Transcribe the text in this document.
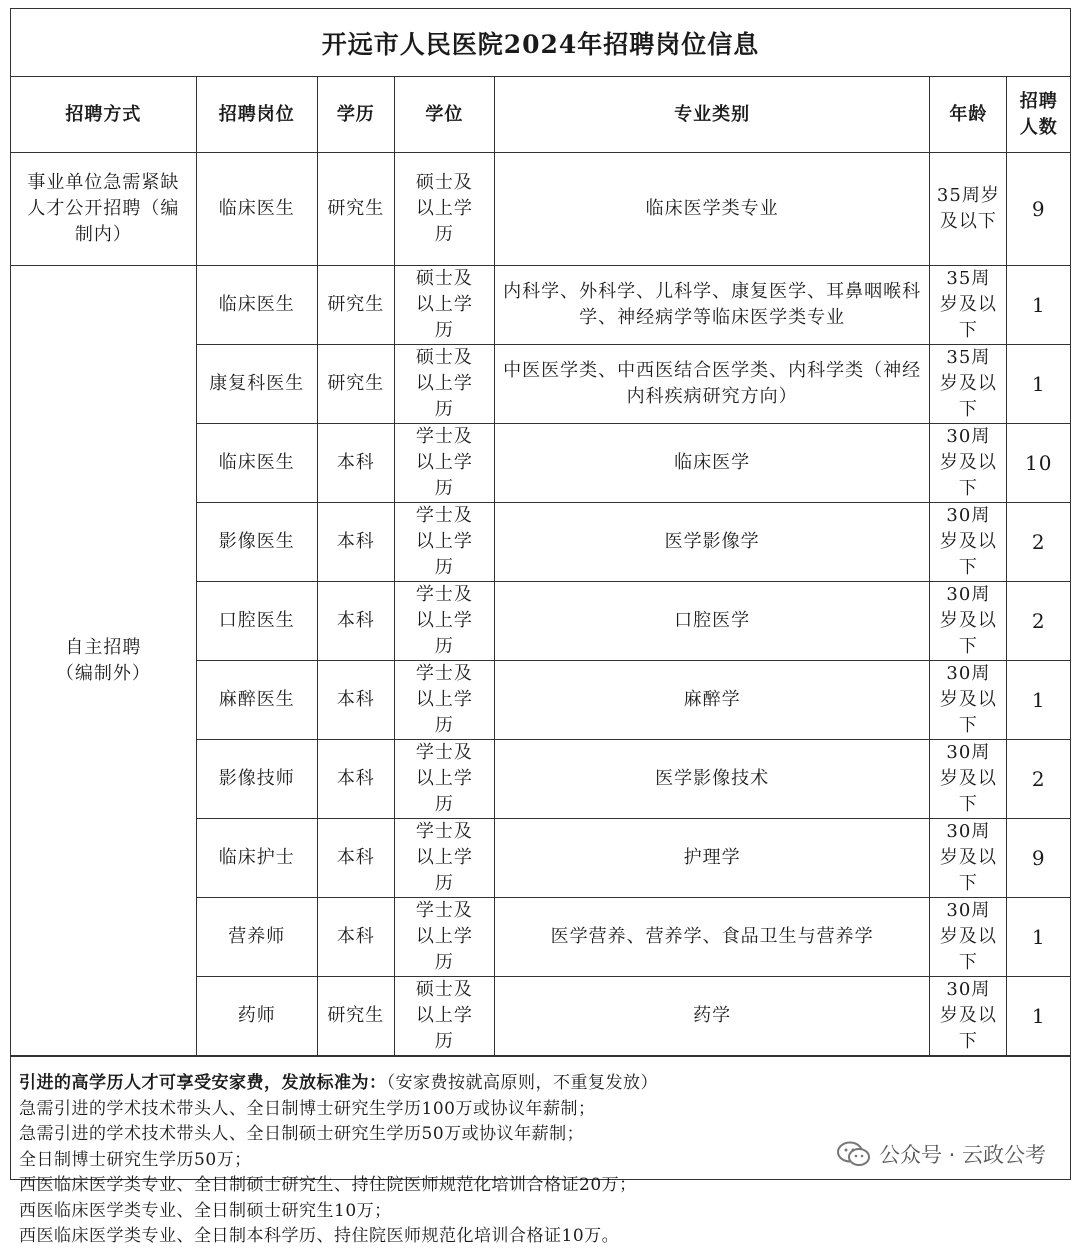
开远市人民医院2024年招聘岗位信息
招聘方式	招聘岗位	学历	学位	专业类别	年龄	招聘人数
事业单位急需紧缺人才公开招聘（编制内）	临床医生	研究生	硕士及以上学历	临床医学类专业	35周岁及以下	9
自主招聘（编制外）	临床医生	研究生	硕士及以上学历	内科学、外科学、儿科学、康复医学、耳鼻咽喉科学、神经病学等临床医学类专业	35周岁及以下	1
	康复科医生	研究生	硕士及以上学历	中医医学类、中西医结合医学类、内科学类（神经内科疾病研究方向）	35周岁及以下	1
	临床医生	本科	学士及以上学历	临床医学	30周岁及以下	10
	影像医生	本科	学士及以上学历	医学影像学	30周岁及以下	2
	口腔医生	本科	学士及以上学历	口腔医学	30周岁及以下	2
	麻醉医生	本科	学士及以上学历	麻醉学	30周岁及以下	1
	影像技师	本科	学士及以上学历	医学影像技术	30周岁及以下	2
	临床护士	本科	学士及以上学历	护理学	30周岁及以下	9
	营养师	本科	学士及以上学历	医学营养、营养学、食品卫生与营养学	30周岁及以下	1
	药师	研究生	硕士及以上学历	药学	30周岁及以下	1
引进的高学历人才可享受安家费，发放标准为：（安家费按就高原则，不重复发放）
急需引进的学术技术带头人、全日制博士研究生学历100万或协议年薪制；
急需引进的学术技术带头人、全日制硕士研究生学历50万或协议年薪制；
全日制博士研究生学历50万；
西医临床医学类专业、全日制硕士研究生、持住院医师规范化培训合格证20万；
西医临床医学类专业、全日制硕士研究生10万；
西医临床医学类专业、全日制本科学历、持住院医师规范化培训合格证10万。
公众号 · 云政公考
